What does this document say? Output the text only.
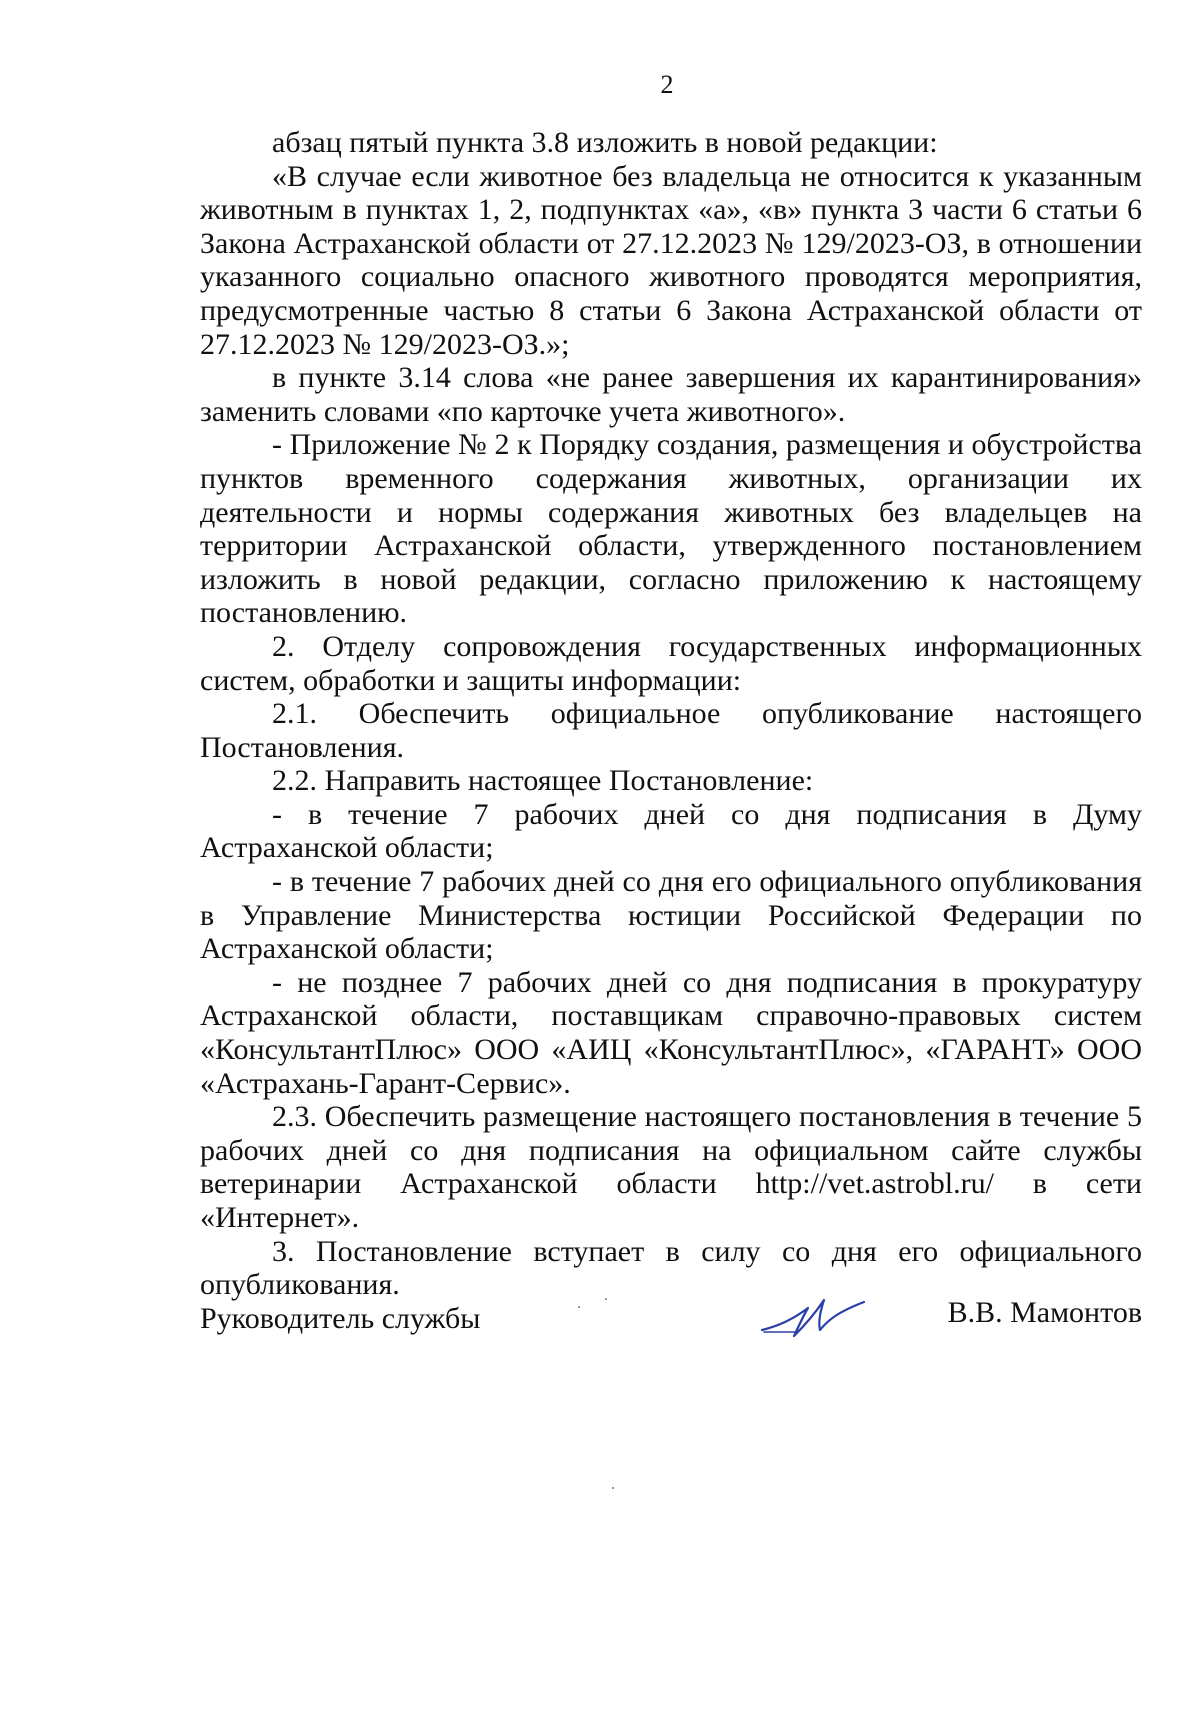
2

абзац пятый пункта 3.8 изложить в новой редакции:

«В случае если животное без владельца не относится к указанным животным в пунктах 1, 2, подпунктах «а», «в» пункта 3 части 6 статьи 6 Закона Астраханской области от 27.12.2023 № 129/2023-ОЗ, в отношении указанного социально опасного животного проводятся мероприятия, предусмотренные частью 8 статьи 6 Закона Астраханской области от 27.12.2023 № 129/2023-ОЗ.»;

в пункте 3.14 слова «не ранее завершения их карантинирования» заменить словами «по карточке учета животного».

- Приложение № 2 к Порядку создания, размещения и обустройства пунктов временного содержания животных, организации их деятельности и нормы содержания животных без владельцев на территории Астраханской области, утвержденного постановлением изложить в новой редакции, согласно приложению к настоящему постановлению.

2. Отделу сопровождения государственных информационных систем, обработки и защиты информации:

2.1. Обеспечить официальное опубликование настоящего Постановления.

2.2. Направить настоящее Постановление:

- в течение 7 рабочих дней со дня подписания в Думу Астраханской области;

- в течение 7 рабочих дней со дня его официального опубликования в Управление Министерства юстиции Российской Федерации по Астраханской области;

- не позднее 7 рабочих дней со дня подписания в прокуратуру Астраханской области, поставщикам справочно-правовых систем «КонсультантПлюс» ООО «АИЦ «КонсультантПлюс», «ГАРАНТ» ООО «Астрахань-Гарант-Сервис».

2.3. Обеспечить размещение настоящего постановления в течение 5 рабочих дней со дня подписания на официальном сайте службы ветеринарии Астраханской области http://vet.astrobl.ru/ в сети «Интернет».

3. Постановление вступает в силу со дня его официального опубликования.

Руководитель службы	В.В. Мамонтов
